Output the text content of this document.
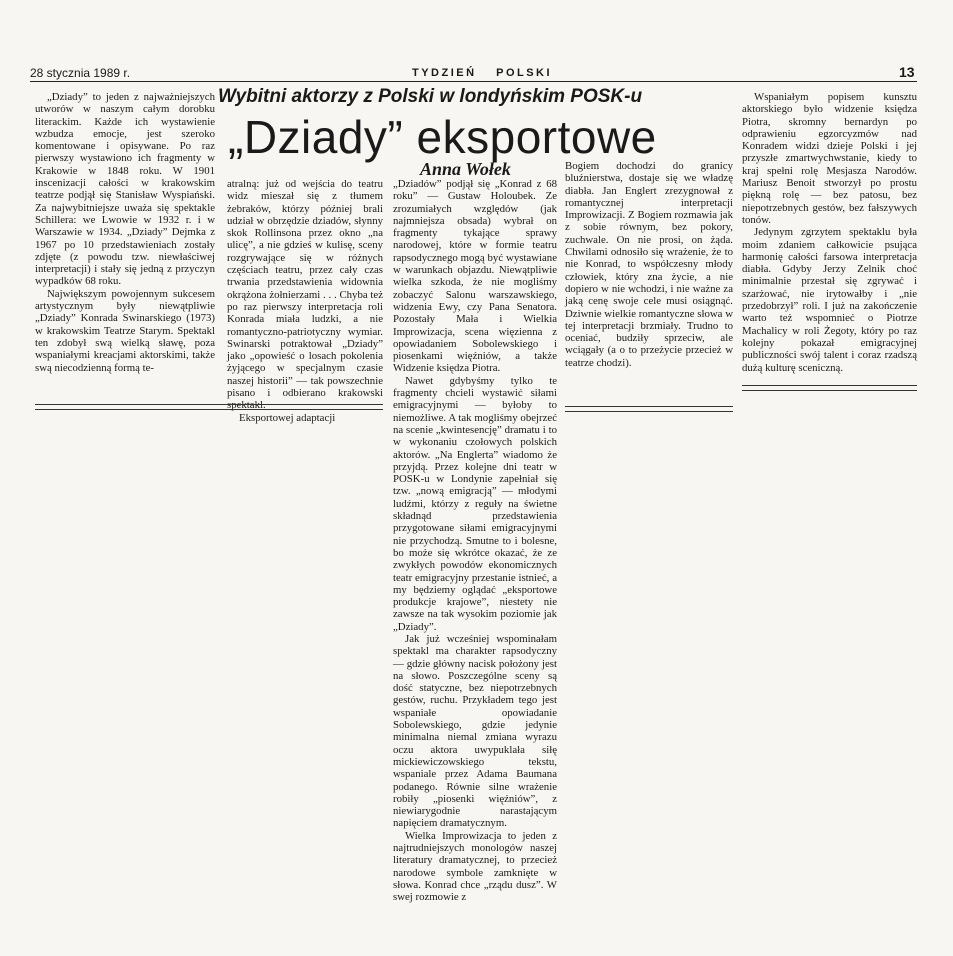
28 stycznia 1989 r.	TYDZIEŃ POLSKI	13
Wybitni aktorzy z Polski w londyńskim POSK-u
„Dziady” eksportowe
Anna Wołek

„Dziady” to jeden z najważniejszych utworów w naszym całym dorobku literackim. Każde ich wystawienie wzbudza emocje, jest szeroko komentowane i opisywane. Po raz pierwszy wystawiono ich fragmenty w Krakowie w 1848 roku. W 1901 inscenizacji całości w krakowskim teatrze podjął się Stanisław Wyspiański. Za najwybitniejsze uważa się spektakle Schillera: we Lwowie w 1932 r. i w Warszawie w 1934. „Dziady” Dejmka z 1967 po 10 przedstawieniach zostały zdjęte (z powodu tzw. niewłaściwej interpretacji) i stały się jedną z przyczyn wypadków 68 roku.

Największym powojennym sukcesem artystycznym były niewątpliwie „Dziady” Konrada Swinarskiego (1973) w krakowskim Teatrze Starym. Spektakl ten zdobył swą wielką sławę, poza wspaniałymi kreacjami aktorskimi, także swą niecodzienną formą te-

atralną: już od wejścia do teatru widz mieszał się z tłumem żebraków, którzy później brali udział w obrzędzie dziadów, słynny skok Rollinsona przez okno „na ulicę”, a nie gdzieś w kulisę, sceny rozgrywające się w różnych częściach teatru, przez cały czas trwania przedstawienia widownia okrążona żołnierzami . . . Chyba też po raz pierwszy interpretacja roli Konrada miała ludzki, a nie romantyczno-patriotyczny wymiar. Swinarski potraktował „Dziady” jako „opowieść o losach pokolenia żyjącego w specjalnym czasie naszej historii” — tak powszechnie pisano i odbierano krakowski spektakl.

Eksportowej adaptacji

„Dziadów” podjął się „Konrad z 68 roku” — Gustaw Holoubek. Ze zrozumiałych względów (jak najmniejsza obsada) wybrał on fragmenty tykające sprawy narodowej, które w formie teatru rapsodycznego mogą być wystawiane w warunkach objazdu. Niewątpliwie wielka szkoda, że nie mogliśmy zobaczyć Salonu warszawskiego, widzenia Ewy, czy Pana Senatora. Pozostały Mała i Wielkia Improwizacja, scena więzienna z opowiadaniem Sobolewskiego i piosenkami więźniów, a także Widzenie księdza Piotra.

Nawet gdybyśmy tylko te fragmenty chcieli wystawić siłami emigracyjnymi — byłoby to niemożliwe. A tak mogliśmy obejrzeć na scenie „kwintesencję” dramatu i to w wykonaniu czołowych polskich aktorów. „Na Englerta” wiadomo że przyjdą. Przez kolejne dni teatr w POSK-u w Londynie zapełniał się tzw. „nową emigracją” — młodymi ludźmi, którzy z reguły na świetne składnąd przedstawienia przygotowane siłami emigracyjnymi nie przychodzą. Smutne to i bolesne, bo może się wkrótce okazać, że ze zwykłych powodów ekonomicznych teatr emigracyjny przestanie istnieć, a my będziemy oglądać „eksportowe produkcje krajowe”, niestety nie zawsze na tak wysokim poziomie jak „Dziady”.

Jak już wcześniej wspominałam spektakl ma charakter rapsodyczny — gdzie główny nacisk położony jest na słowo. Poszczególne sceny są dość statyczne, bez niepotrzebnych gestów, ruchu. Przykładem tego jest wspaniałe opowiadanie Sobolewskiego, gdzie jedynie minimalna niemal zmiana wyrazu oczu aktora uwypuklała siłę mickiewiczowskiego tekstu, wspaniale przez Adama Baumana podanego. Równie silne wrażenie robiły „piosenki więźniów”, z niewiarygodnie narastającym napięciem dramatycznym.

Wielka Improwizacja to jeden z najtrudniejszych monologów naszej literatury dramatycznej, to przecież narodowe symbole zamknięte w słowa. Konrad chce „rządu dusz”. W swej rozmowie z

Bogiem dochodzi do granicy bluźnierstwa, dostaje się we władzę diabła. Jan Englert zrezygnował z romantycznej interpretacji Improwizacji. Z Bogiem rozmawia jak z sobie równym, bez pokory, zuchwale. On nie prosi, on żąda. Chwilami odnosiło się wrażenie, że to nie Konrad, to współczesny młody człowiek, który zna życie, a nie dopiero w nie wchodzi, i nie ważne za jaką cenę swoje cele musi osiągnąć. Dziwnie wielkie romantyczne słowa w tej interpretacji brzmiały. Trudno to oceniać, budziły sprzeciw, ale wciągały (a o to przeżycie przecież w teatrze chodzi).

Wspaniałym popisem kunsztu aktorskiego było widzenie księdza Piotra, skromny bernardyn po odprawieniu egzorcyzmów nad Konradem widzi dzieje Polski i jej przyszłe zmartwychwstanie, kiedy to kraj spełni rolę Mesjasza Narodów. Mariusz Benoit stworzył po prostu piękną rolę — bez patosu, bez niepotrzebnych gestów, bez fałszywych tonów.

Jedynym zgrzytem spektaklu była moim zdaniem całkowicie psująca harmonię całości farsowa interpretacja diabła. Gdyby Jerzy Zelnik choć minimalnie przestał się zgrywać i szarżować, nie irytowałby i „nie przedobrzył” roli. I już na zakończenie warto też wspomnieć o Piotrze Machalicy w roli Żegoty, który po raz kolejny pokazał emigracyjnej publiczności swój talent i coraz rzadszą dużą kulturę sceniczną.
